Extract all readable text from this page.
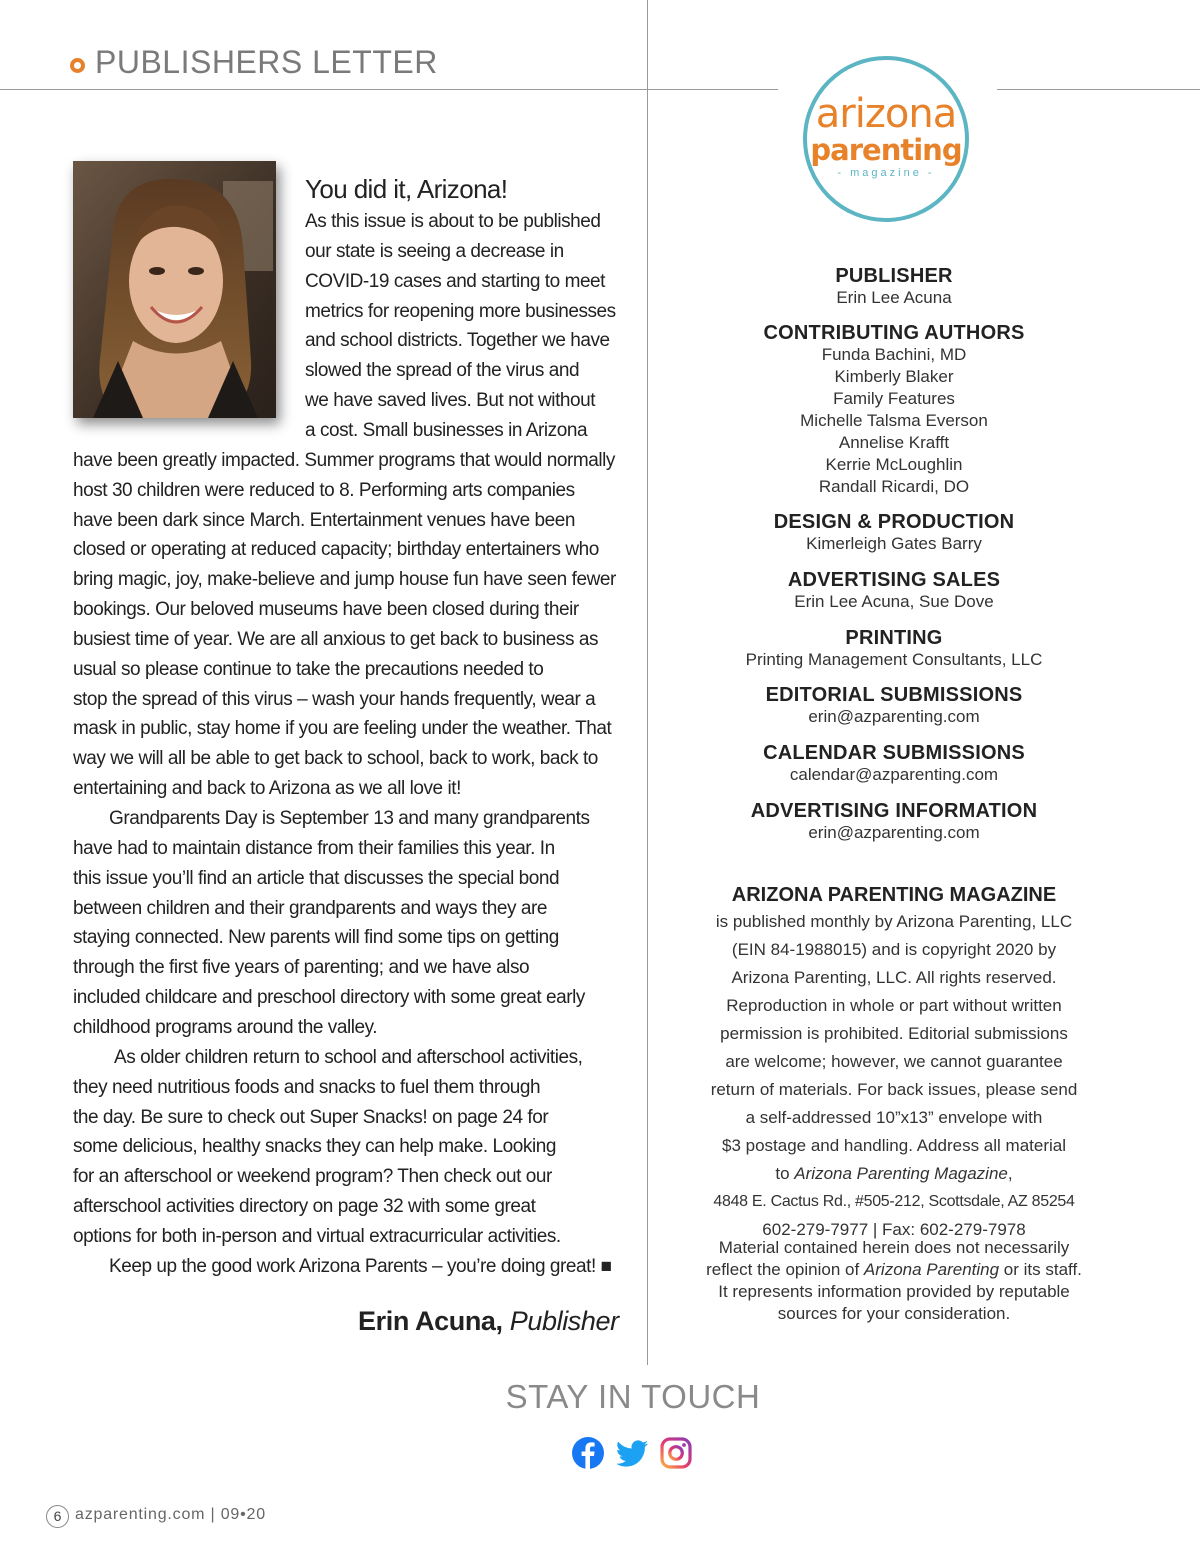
PUBLISHERS LETTER
You did it, Arizona!
As this issue is about to be published
our state is seeing a decrease in
COVID-19 cases and starting to meet
metrics for reopening more businesses
and school districts. Together we have
slowed the spread of the virus and
we have saved lives. But not without
a cost. Small businesses in Arizona
have been greatly impacted. Summer programs that would normally
host 30 children were reduced to 8. Performing arts companies
have been dark since March. Entertainment venues have been
closed or operating at reduced capacity; birthday entertainers who
bring magic, joy, make-believe and jump house fun have seen fewer
bookings. Our beloved museums have been closed during their
busiest time of year. We are all anxious to get back to business as
usual so please continue to take the precautions needed to
stop the spread of this virus – wash your hands frequently, wear a
mask in public, stay home if you are feeling under the weather. That
way we will all be able to get back to school, back to work, back to
entertaining and back to Arizona as we all love it!
Grandparents Day is September 13 and many grandparents
have had to maintain distance from their families this year. In
this issue you’ll find an article that discusses the special bond
between children and their grandparents and ways they are
staying connected. New parents will find some tips on getting
through the first five years of parenting; and we have also
included childcare and preschool directory with some great early
childhood programs around the valley.
As older children return to school and afterschool activities,
they need nutritious foods and snacks to fuel them through
the day. Be sure to check out Super Snacks! on page 24 for
some delicious, healthy snacks they can help make. Looking
for an afterschool or weekend program? Then check out our
afterschool activities directory on page 32 with some great
options for both in-person and virtual extracurricular activities.
Keep up the good work Arizona Parents – you’re doing great! ■
Erin Acuna, Publisher
arizona
parenting
- magazine -
PUBLISHER
Erin Lee Acuna
CONTRIBUTING AUTHORS
Funda Bachini, MD
Kimberly Blaker
Family Features
Michelle Talsma Everson
Annelise Krafft
Kerrie McLoughlin
Randall Ricardi, DO
DESIGN & PRODUCTION
Kimerleigh Gates Barry
ADVERTISING SALES
Erin Lee Acuna, Sue Dove
PRINTING
Printing Management Consultants, LLC
EDITORIAL SUBMISSIONS
erin@azparenting.com
CALENDAR SUBMISSIONS
calendar@azparenting.com
ADVERTISING INFORMATION
erin@azparenting.com
ARIZONA PARENTING MAGAZINE
is published monthly by Arizona Parenting, LLC
(EIN 84-1988015) and is copyright 2020 by
Arizona Parenting, LLC. All rights reserved.
Reproduction in whole or part without written
permission is prohibited. Editorial submissions
are welcome; however, we cannot guarantee
return of materials. For back issues, please send
a self-addressed 10”x13” envelope with
$3 postage and handling. Address all material
to Arizona Parenting Magazine,
4848 E. Cactus Rd., #505-212, Scottsdale, AZ 85254
602-279-7977 | Fax: 602-279-7978
Material contained herein does not necessarily
reflect the opinion of Arizona Parenting or its staff.
It represents information provided by reputable
sources for your consideration.
STAY IN TOUCH
6 azparenting.com | 09•20
